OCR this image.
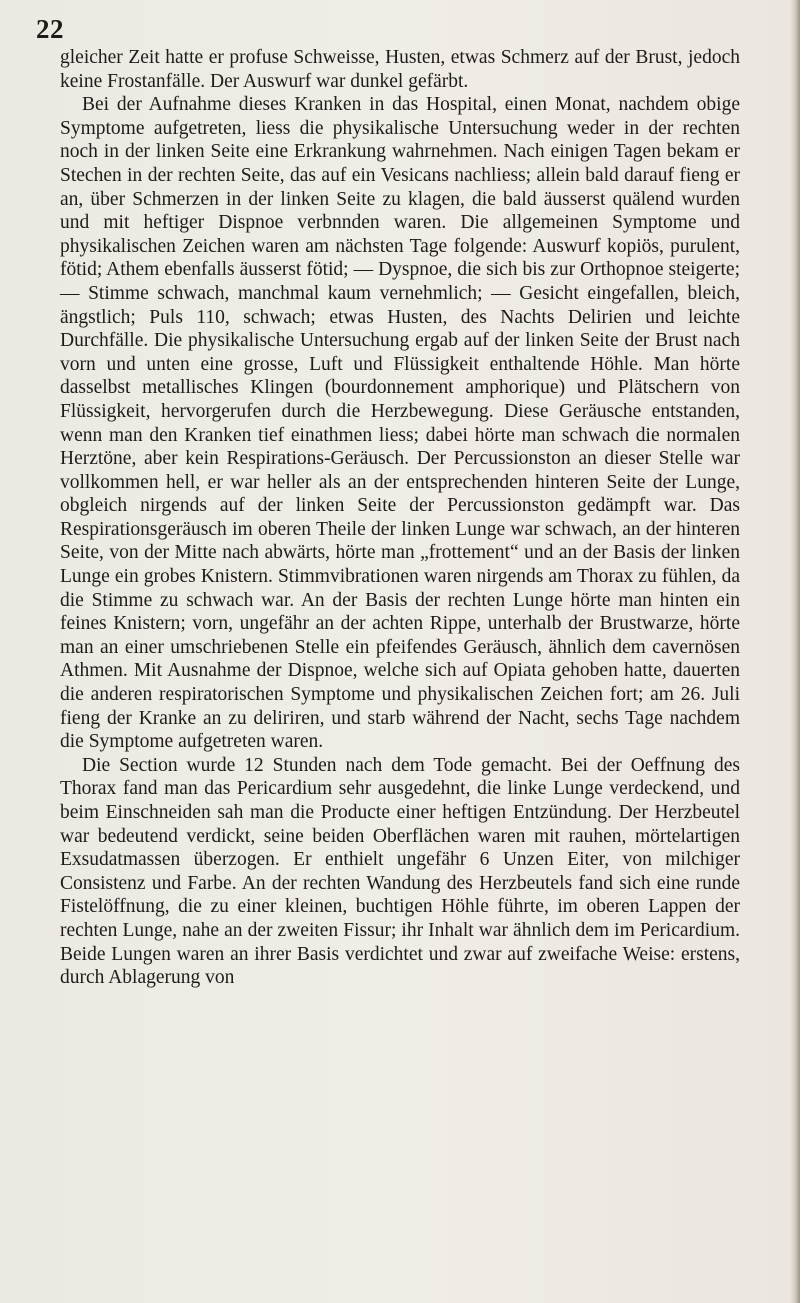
22

gleicher Zeit hatte er profuse Schweisse, Husten, etwas Schmerz auf der Brust, jedoch keine Frostanfälle. Der Auswurf war dunkel gefärbt.

Bei der Aufnahme dieses Kranken in das Hospital, einen Monat, nachdem obige Symptome aufgetreten, liess die physikalische Untersuchung weder in der rechten noch in der linken Seite eine Erkrankung wahrnehmen. Nach einigen Tagen bekam er Stechen in der rechten Seite, das auf ein Vesicans nachliess; allein bald darauf fieng er an, über Schmerzen in der linken Seite zu klagen, die bald äusserst quälend wurden und mit heftiger Dispnoe verbnnden waren. Die allgemeinen Symptome und physikalischen Zeichen waren am nächsten Tage folgende: Auswurf kopiös, purulent, fötid; Athem ebenfalls äusserst fötid; — Dyspnoe, die sich bis zur Orthopnoe steigerte; — Stimme schwach, manchmal kaum vernehmlich; — Gesicht eingefallen, bleich, ängstlich; Puls 110, schwach; etwas Husten, des Nachts Delirien und leichte Durchfälle. Die physikalische Untersuchung ergab auf der linken Seite der Brust nach vorn und unten eine grosse, Luft und Flüssigkeit enthaltende Höhle. Man hörte dasselbst metallisches Klingen (bourdonnement amphorique) und Plätschern von Flüssigkeit, hervorgerufen durch die Herzbewegung. Diese Geräusche entstanden, wenn man den Kranken tief einathmen liess; dabei hörte man schwach die normalen Herztöne, aber kein Respirations-Geräusch. Der Percussionston an dieser Stelle war vollkommen hell, er war heller als an der entsprechenden hinteren Seite der Lunge, obgleich nirgends auf der linken Seite der Percussionston gedämpft war. Das Respirationsgeräusch im oberen Theile der linken Lunge war schwach, an der hinteren Seite, von der Mitte nach abwärts, hörte man „frottement“ und an der Basis der linken Lunge ein grobes Knistern. Stimmvibrationen waren nirgends am Thorax zu fühlen, da die Stimme zu schwach war. An der Basis der rechten Lunge hörte man hinten ein feines Knistern; vorn, ungefähr an der achten Rippe, unterhalb der Brustwarze, hörte man an einer umschriebenen Stelle ein pfeifendes Geräusch, ähnlich dem cavernösen Athmen. Mit Ausnahme der Dispnoe, welche sich auf Opiata gehoben hatte, dauerten die anderen respiratorischen Symptome und physikalischen Zeichen fort; am 26. Juli fieng der Kranke an zu deliriren, und starb während der Nacht, sechs Tage nachdem die Symptome aufgetreten waren.

Die Section wurde 12 Stunden nach dem Tode gemacht. Bei der Oeffnung des Thorax fand man das Pericardium sehr ausgedehnt, die linke Lunge verdeckend, und beim Einschneiden sah man die Producte einer heftigen Entzündung. Der Herzbeutel war bedeutend verdickt, seine beiden Oberflächen waren mit rauhen, mörtelartigen Exsudatmassen überzogen. Er enthielt ungefähr 6 Unzen Eiter, von milchiger Consistenz und Farbe. An der rechten Wandung des Herzbeutels fand sich eine runde Fistelöffnung, die zu einer kleinen, buchtigen Höhle führte, im oberen Lappen der rechten Lunge, nahe an der zweiten Fissur; ihr Inhalt war ähnlich dem im Pericardium. Beide Lungen waren an ihrer Basis verdichtet und zwar auf zweifache Weise: erstens, durch Ablagerung von
